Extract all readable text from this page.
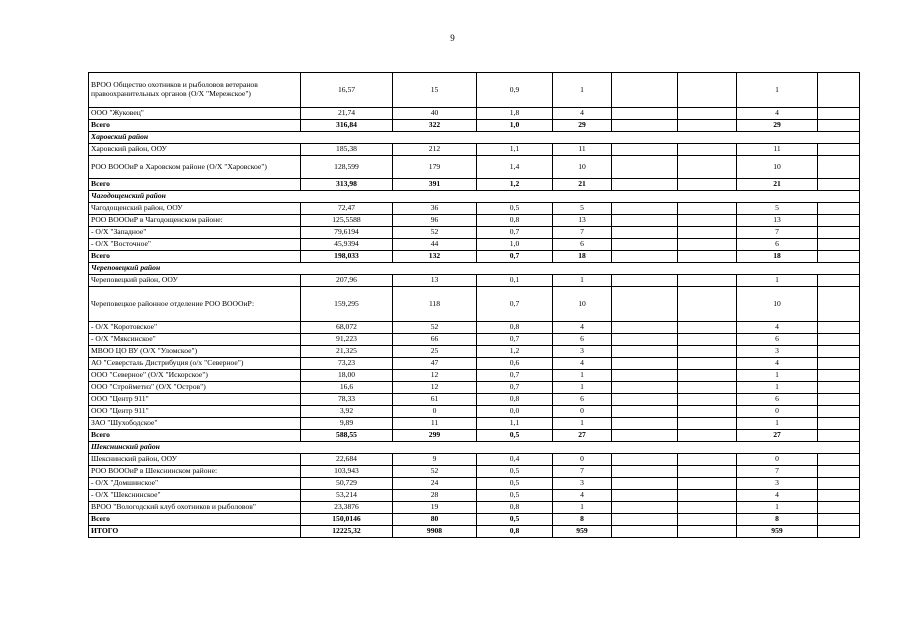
9
ВРОО Общество охотников и рыболовов ветеранов правоохранительных органов (О/Х "Мережское")	16,57	15	0,9	1			1	
ООО "Жуковец"	21,74	40	1,8	4			4	
Всего	316,84	322	1,0	29			29	
Харовский район								
Харовский район, ООУ	185,38	212	1,1	11			11	
РОО ВОООиР в Харовском районе (О/Х "Харовское")	128,599	179	1,4	10			10	
Всего	313,98	391	1,2	21			21	
Чагодощенский район								
Чагодощенский район, ООУ	72,47	36	0,5	5			5	
РОО ВОООиР в Чагодощенском районе:	125,5588	96	0,8	13			13	
- О/Х "Западное"	79,6194	52	0,7	7			7	
- О/Х "Восточное"	45,9394	44	1,0	6			6	
Всего	198,033	132	0,7	18			18	
Череповецкий район								
Череповецкий район, ООУ	207,96	13	0,1	1			1	
Череповецкое районное отделение РОО ВОООиР:	159,295	118	0,7	10			10	
- О/Х "Коротовское"	68,072	52	0,8	4			4	
- О/Х "Мяксинское"	91,223	66	0,7	6			6	
МВОО ЦО ВУ (О/Х "Уломское")	21,325	25	1,2	3			3	
АО "Северсталь Дистрибуция (о/х "Северное")	73,23	47	0,6	4			4	
ООО "Северное" (О/Х "Искорское")	18,00	12	0,7	1			1	
ООО "Стройметиз" (О/Х "Остров")	16,6	12	0,7	1			1	
ООО "Центр 911"	78,33	61	0,8	6			6	
ООО "Центр 911"	3,92	0	0,0	0			0	
ЗАО "Шухободское"	9,89	11	1,1	1			1	
Всего	588,55	299	0,5	27			27	
Шекснинский район								
Шекснинский район, ООУ	22,684	9	0,4	0			0	
РОО ВОООиР в Шекснинском районе:	103,943	52	0,5	7			7	
- О/Х "Домшинское"	50,729	24	0,5	3			3	
- О/Х "Шекснинское"	53,214	28	0,5	4			4	
ВРОО "Вологодский клуб охотников и рыболовов"	23,3876	19	0,8	1			1	
Всего	150,0146	80	0,5	8			8	
ИТОГО	12225,32	9908	0,8	959			959	
